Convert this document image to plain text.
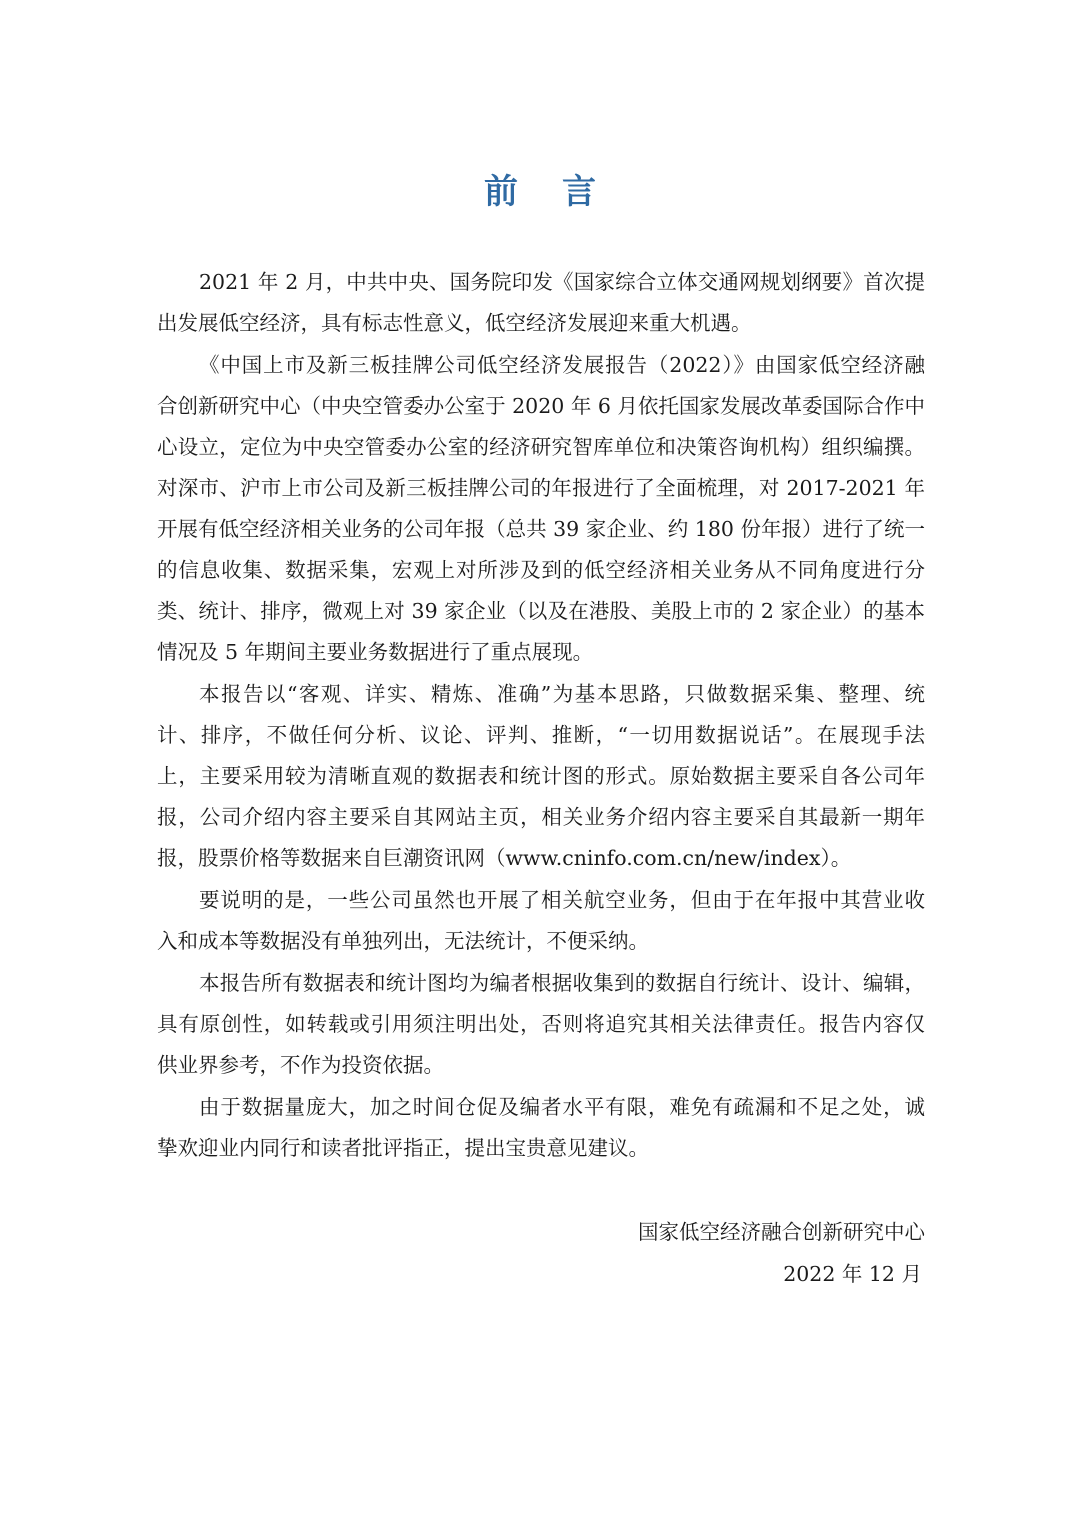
前言
2021 年 2 月，中共中央、国务院印发《国家综合立体交通网规划纲要》首次提
出发展低空经济，具有标志性意义，低空经济发展迎来重大机遇。
《中国上市及新三板挂牌公司低空经济发展报告（2022）》由国家低空经济融
合创新研究中心（中央空管委办公室于 2020 年 6 月依托国家发展改革委国际合作中
心设立，定位为中央空管委办公室的经济研究智库单位和决策咨询机构）组织编撰。
对深市、沪市上市公司及新三板挂牌公司的年报进行了全面梳理，对 2017-2021 年
开展有低空经济相关业务的公司年报（总共 39 家企业、约 180 份年报）进行了统一
的信息收集、数据采集，宏观上对所涉及到的低空经济相关业务从不同角度进行分
类、统计、排序，微观上对 39 家企业（以及在港股、美股上市的 2 家企业）的基本
情况及 5 年期间主要业务数据进行了重点展现。
本报告以“客观、详实、精炼、准确”为基本思路，只做数据采集、整理、统
计、排序，不做任何分析、议论、评判、推断，“一切用数据说话”。在展现手法
上，主要采用较为清晰直观的数据表和统计图的形式。原始数据主要采自各公司年
报，公司介绍内容主要采自其网站主页，相关业务介绍内容主要采自其最新一期年
报，股票价格等数据来自巨潮资讯网（www.cninfo.com.cn/new/index）。
要说明的是，一些公司虽然也开展了相关航空业务，但由于在年报中其营业收
入和成本等数据没有单独列出，无法统计，不便采纳。
本报告所有数据表和统计图均为编者根据收集到的数据自行统计、设计、编辑，
具有原创性，如转载或引用须注明出处，否则将追究其相关法律责任。报告内容仅
供业界参考，不作为投资依据。
由于数据量庞大，加之时间仓促及编者水平有限，难免有疏漏和不足之处，诚
挚欢迎业内同行和读者批评指正，提出宝贵意见建议。
国家低空经济融合创新研究中心
2022 年 12 月
